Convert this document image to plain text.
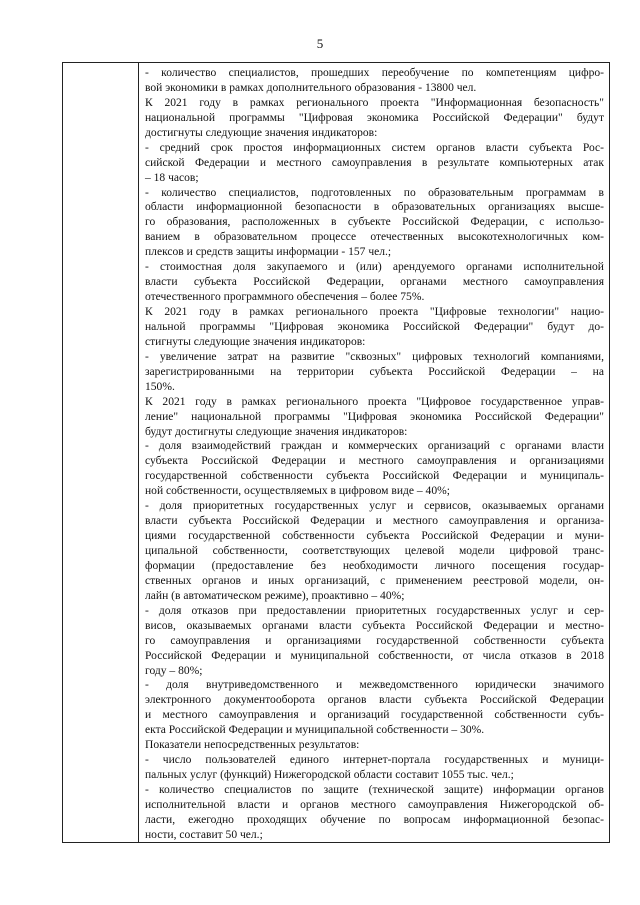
5
- количество специалистов, прошедших переобучение по компетенциям цифро-
вой экономики в рамках дополнительного образования - 13800 чел.
К 2021 году в рамках регионального проекта "Информационная безопасность"
национальной программы "Цифровая экономика Российской Федерации" будут
достигнуты следующие значения индикаторов:
- средний срок простоя информационных систем органов власти субъекта Рос-
сийской Федерации и местного самоуправления в результате компьютерных атак
– 18 часов;
- количество специалистов, подготовленных по образовательным программам в
области информационной безопасности в образовательных организациях высше-
го образования, расположенных в субъекте Российской Федерации, с использо-
ванием в образовательном процессе отечественных высокотехнологичных ком-
плексов и средств защиты информации - 157 чел.;
- стоимостная доля закупаемого и (или) арендуемого органами исполнительной
власти субъекта Российской Федерации, органами местного самоуправления
отечественного программного обеспечения – более 75%.
К 2021 году в рамках регионального проекта "Цифровые технологии" нацио-
нальной программы "Цифровая экономика Российской Федерации" будут до-
стигнуты следующие значения индикаторов:
- увеличение затрат на развитие "сквозных" цифровых технологий компаниями,
зарегистрированными на территории субъекта Российской Федерации – на
150%.
К 2021 году в рамках регионального проекта "Цифровое государственное управ-
ление" национальной программы "Цифровая экономика Российской Федерации"
будут достигнуты следующие значения индикаторов:
- доля взаимодействий граждан и коммерческих организаций с органами власти
субъекта Российской Федерации и местного самоуправления и организациями
государственной собственности субъекта Российской Федерации и муниципаль-
ной собственности, осуществляемых в цифровом виде – 40%;
- доля приоритетных государственных услуг и сервисов, оказываемых органами
власти субъекта Российской Федерации и местного самоуправления и организа-
циями государственной собственности субъекта Российской Федерации и муни-
ципальной собственности, соответствующих целевой модели цифровой транс-
формации (предоставление без необходимости личного посещения государ-
ственных органов и иных организаций, с применением реестровой модели, он-
лайн (в автоматическом режиме), проактивно – 40%;
- доля отказов при предоставлении приоритетных государственных услуг и сер-
висов, оказываемых органами власти субъекта Российской Федерации и местно-
го самоуправления и организациями государственной собственности субъекта
Российской Федерации и муниципальной собственности, от числа отказов в 2018
году – 80%;
- доля внутриведомственного и межведомственного юридически значимого
электронного документооборота органов власти субъекта Российской Федерации
и местного самоуправления и организаций государственной собственности субъ-
екта Российской Федерации и муниципальной собственности – 30%.
Показатели непосредственных результатов:
- число пользователей единого интернет-портала государственных и муници-
пальных услуг (функций) Нижегородской области составит 1055 тыс. чел.;
- количество специалистов по защите (технической защите) информации органов
исполнительной власти и органов местного самоуправления Нижегородской об-
ласти, ежегодно проходящих обучение по вопросам информационной безопас-
ности, составит 50 чел.;
